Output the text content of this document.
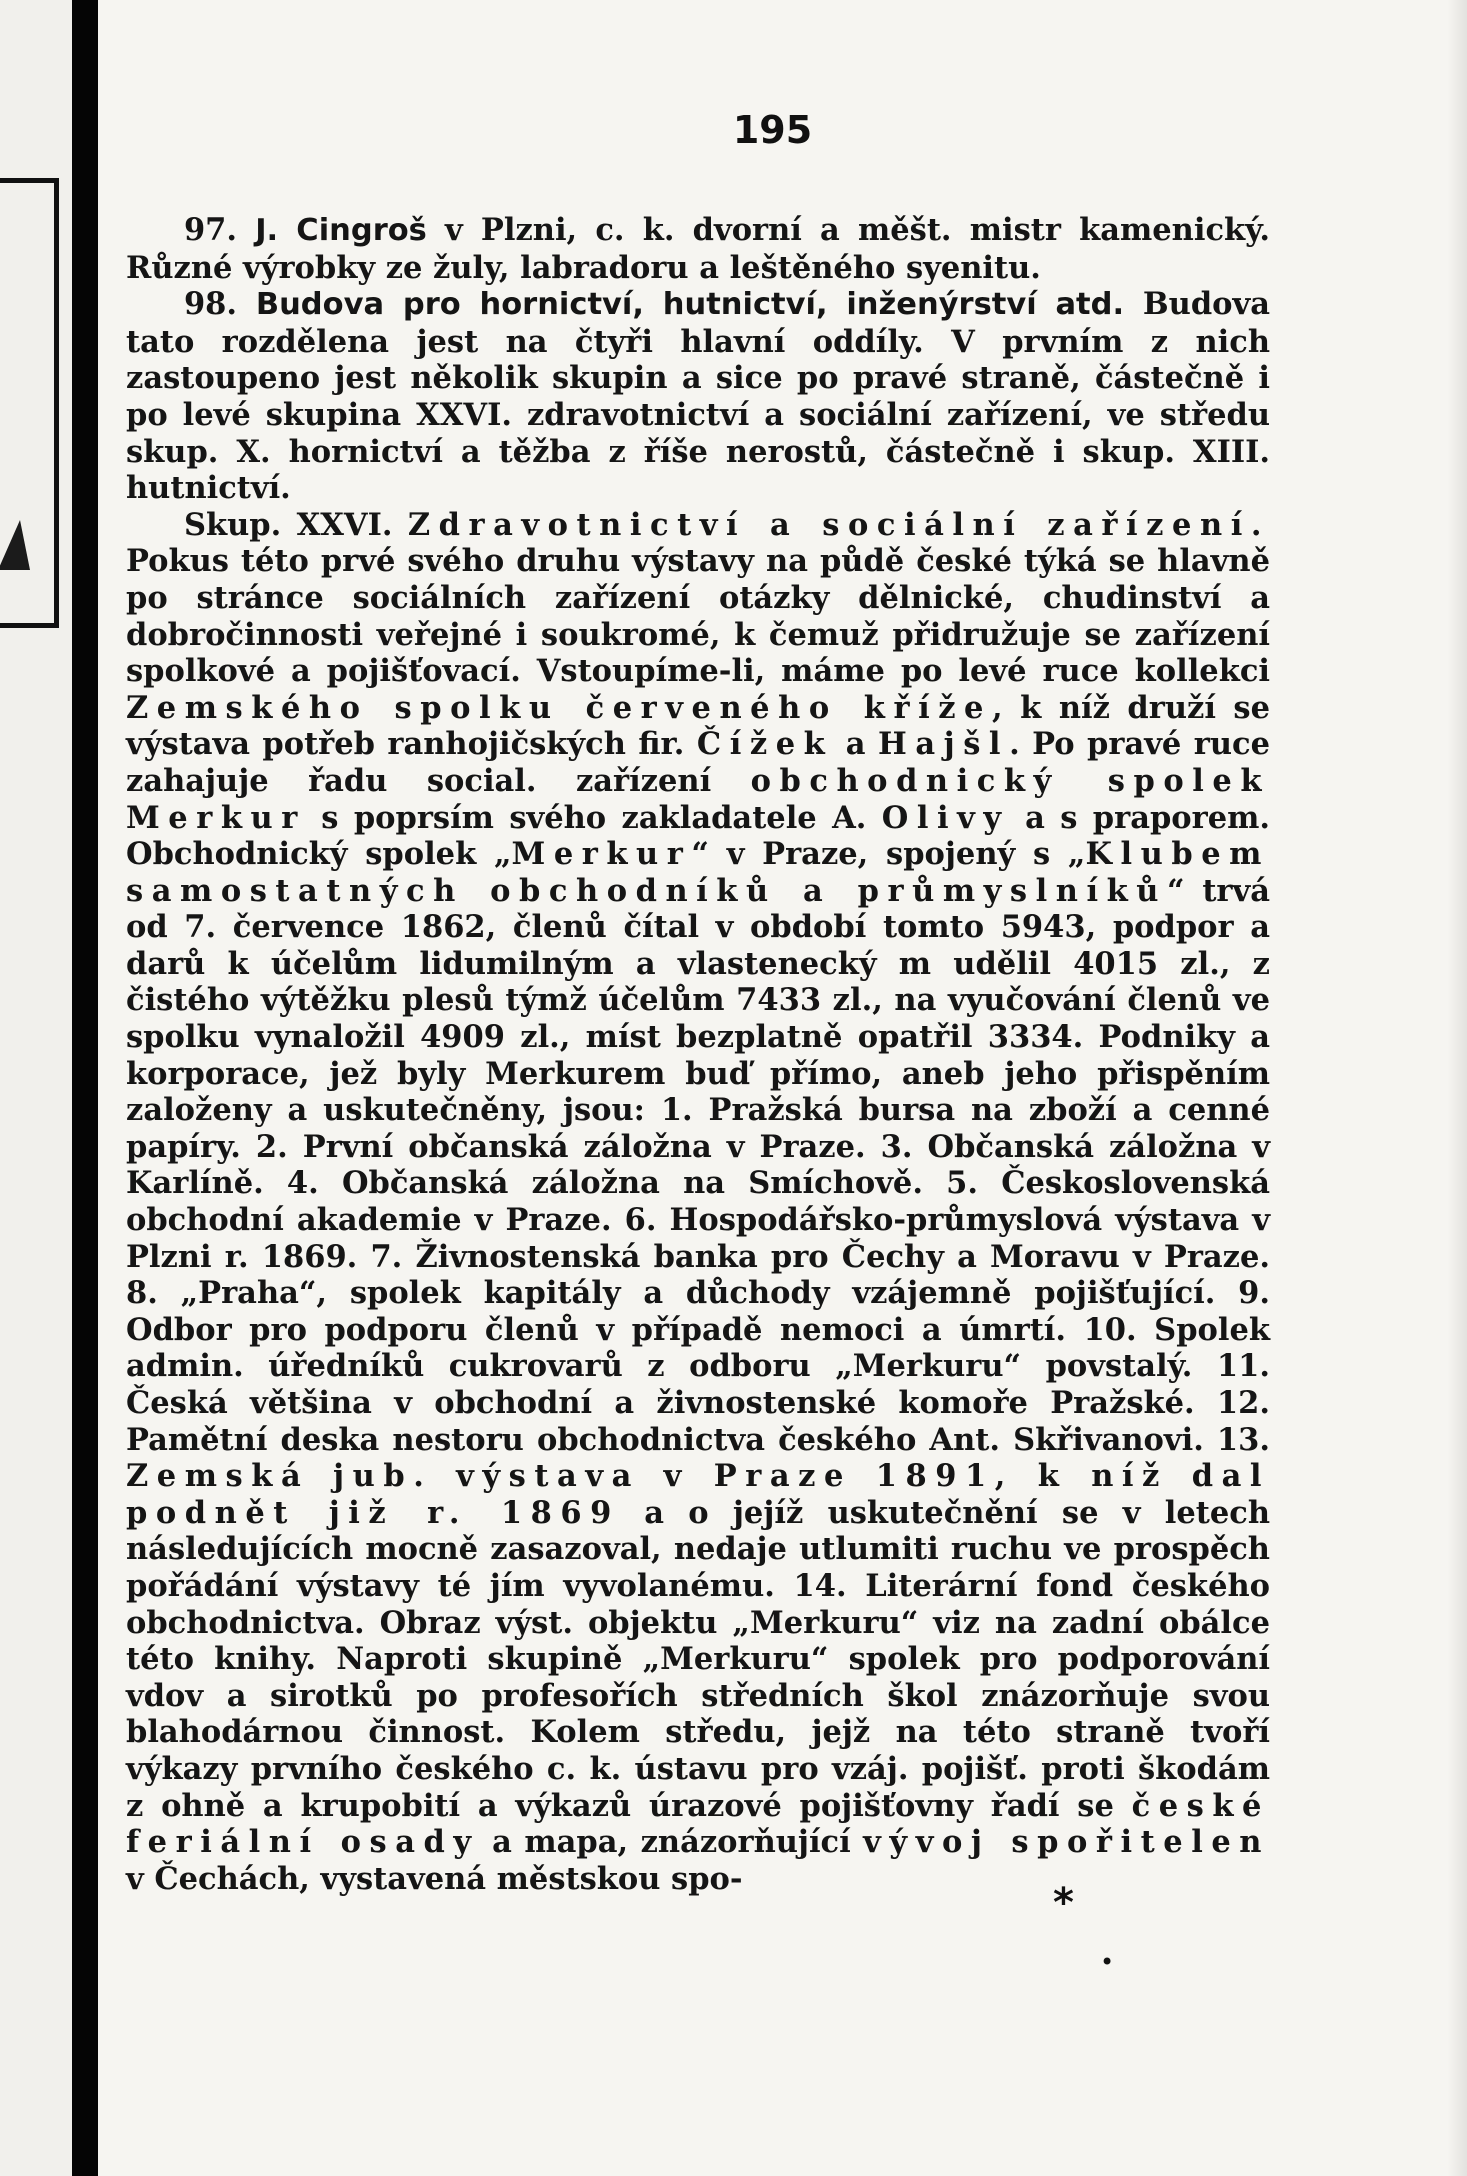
195

97. J. Cingroš v Plzni, c. k. dvorní a měšt. mistr kamenický. Různé výrobky ze žuly, labradoru a leštěného syenitu.

98. Budova pro hornictví, hutnictví, inženýrství atd. Budova tato rozdělena jest na čtyři hlavní oddíly. V prvním z nich zastoupeno jest několik skupin a sice po pravé straně, částečně i po levé skupina XXVI. zdravotnictví a sociální zařízení, ve středu skup. X. hornictví a těžba z říše nerostů, částečně i skup. XIII. hutnictví.

Skup. XXVI. Zdravotnictví a sociální zařízení. Pokus této prvé svého druhu výstavy na půdě české týká se hlavně po stránce sociálních zařízení otázky dělnické, chudinství a dobročinnosti veřejné i soukromé, k čemuž přidružuje se zařízení spolkové a pojišťovací. Vstoupíme-li, máme po levé ruce kollekci Zemského spolku červeného kříže, k níž druží se výstava potřeb ranhojičských fir. Čížek a Hajšl. Po pravé ruce zahajuje řadu social. zařízení obchodnický spolek Merkur s poprsím svého zakladatele A. Olivy a s praporem. Obchodnický spolek „Merkur“ v Praze, spojený s „Klubem samostatných obchodníků a průmyslníků“ trvá od 7. července 1862, členů čítal v období tomto 5943, podpor a darů k účelům lidumilným a vlastenecký m udělil 4015 zl., z čistého výtěžku plesů týmž účelům 7433 zl., na vyučování členů ve spolku vynaložil 4909 zl., míst bezplatně opatřil 3334. Podniky a korporace, jež byly Merkurem buď přímo, aneb jeho přispěním založeny a uskutečněny, jsou: 1. Pražská bursa na zboží a cenné papíry. 2. První občanská záložna v Praze. 3. Občanská záložna v Karlíně. 4. Občanská záložna na Smíchově. 5. Československá obchodní akademie v Praze. 6. Hospodářsko-průmyslová výstava v Plzni r. 1869. 7. Živnostenská banka pro Čechy a Moravu v Praze. 8. „Praha“, spolek kapitály a důchody vzájemně pojišťující. 9. Odbor pro podporu členů v případě nemoci a úmrtí. 10. Spolek admin. úředníků cukrovarů z odboru „Merkuru“ povstalý. 11. Česká většina v obchodní a živnostenské komoře Pražské. 12. Pamětní deska nestoru obchodnictva českého Ant. Skřivanovi. 13. Zemská jub. výstava v Praze 1891, k níž dal podnět již r. 1869 a o jejíž uskutečnění se v letech následujících mocně zasazoval, nedaje utlumiti ruchu ve prospěch pořádání výstavy té jím vyvolanému. 14. Literární fond českého obchodnictva. Obraz výst. objektu „Merkuru“ viz na zadní obálce této knihy. Naproti skupině „Merkuru“ spolek pro podporování vdov a sirotků po profesořích středních škol znázorňuje svou blahodárnou činnost. Kolem středu, jejž na této straně tvoří výkazy prvního českého c. k. ústavu pro vzáj. pojišť. proti škodám z ohně a krupobití a výkazů úrazové pojišťovny řadí se české feriální osady a mapa, znázorňující vývoj spořitelen v Čechách, vystavená městskou spo-

*
•
